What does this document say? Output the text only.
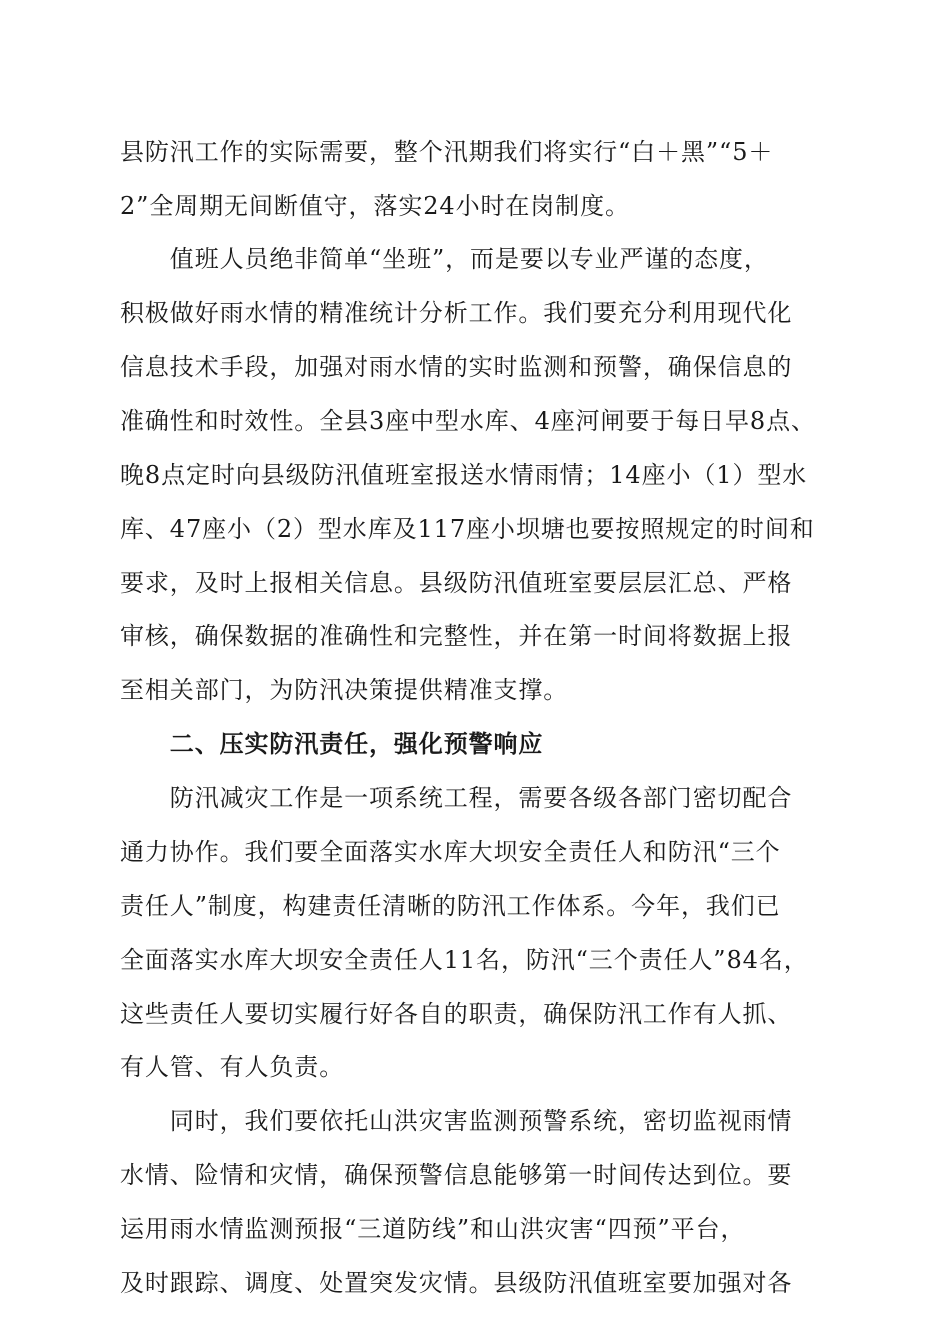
县防汛工作的实际需要，整个汛期我们将实行“白＋黑”“5＋
2”全周期无间断值守，落实24小时在岗制度。
　　值班人员绝非简单“坐班”，而是要以专业严谨的态度，
积极做好雨水情的精准统计分析工作。我们要充分利用现代化
信息技术手段，加强对雨水情的实时监测和预警，确保信息的
准确性和时效性。全县3座中型水库、4座河闸要于每日早8点、
晚8点定时向县级防汛值班室报送水情雨情；14座小（1）型水
库、47座小（2）型水库及117座小坝塘也要按照规定的时间和
要求，及时上报相关信息。县级防汛值班室要层层汇总、严格
审核，确保数据的准确性和完整性，并在第一时间将数据上报
至相关部门，为防汛决策提供精准支撑。
　　二、压实防汛责任，强化预警响应
　　防汛减灾工作是一项系统工程，需要各级各部门密切配合
通力协作。我们要全面落实水库大坝安全责任人和防汛“三个
责任人”制度，构建责任清晰的防汛工作体系。今年，我们已
全面落实水库大坝安全责任人11名，防汛“三个责任人”84名，
这些责任人要切实履行好各自的职责，确保防汛工作有人抓、
有人管、有人负责。
　　同时，我们要依托山洪灾害监测预警系统，密切监视雨情
水情、险情和灾情，确保预警信息能够第一时间传达到位。要
运用雨水情监测预报“三道防线”和山洪灾害“四预”平台，
及时跟踪、调度、处置突发灾情。县级防汛值班室要加强对各
